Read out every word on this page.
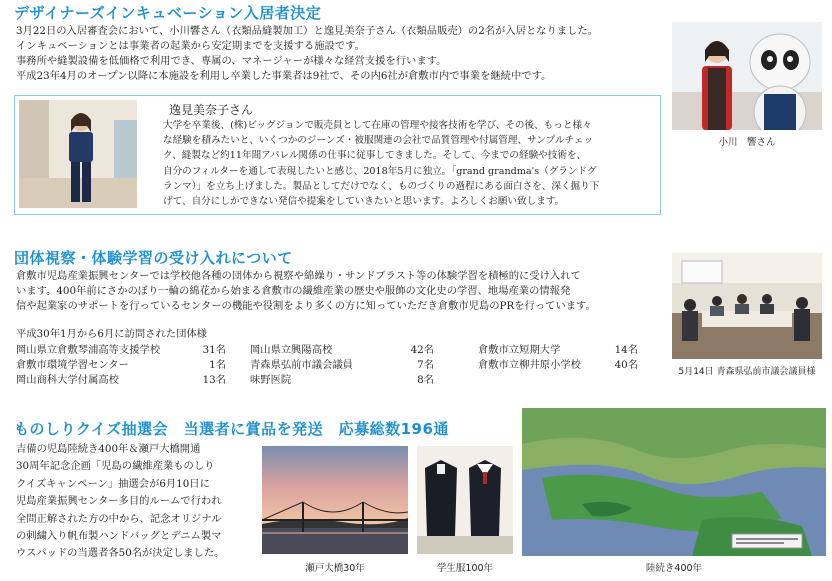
デザイナーズインキュベーション入居者決定

3月22日の入居審査会において、小川響さん（衣類品縫製加工）と逸見美奈子さん（衣類品販売）の2名が入居となりました。

インキュベーションとは事業者の起業から安定期までを支援する施設です。

事務所や縫製設備を低価格で利用でき、専属の、マネージャーが様々な経営支援を行います。

平成23年4月のオープン以降に本施設を利用し卒業した事業者は9社で、その内6社が倉敷市内で事業を継続中です。

小川　響さん
逸見美奈子さん

大学を卒業後、(株)ビッグジョンで販売員として在庫の管理や接客技術を学び、その後、もっと様々

な経験を積みたいと、いくつかのジーンズ・被服関連の会社で品質管理や付属管理、サンプルチェッ

ク、縫製など約11年間アパレル関係の仕事に従事してきました。そして、今までの経験や技術を、

自分のフィルターを通して表現したいと感じ、2018年5月に独立。「grand grandma's（グランドグ

ランマ）」を立ち上げました。製品としてだけでなく、ものづくりの過程にある面白さを、深く掘り下

げて、自分にしかできない発信や提案をしていきたいと思います。よろしくお願い致します。

団体視察・体験学習の受け入れについて

倉敷市児島産業振興センターでは学校他各種の団体から視察や綿繰り・サンドブラスト等の体験学習を積極的に受け入れて

います。400年前にさかのぼり一輪の綿花から始まる倉敷市の繊維産業の歴史や服飾の文化史の学習、地場産業の情報発

信や起業家のサポートを行っているセンターの機能や役割をより多くの方に知っていただき倉敷市児島のPRを行っています。

平成30年1月から6月に訪問された団体様

岡山県立倉敷琴浦高等支援学校	31名		岡山県立興陽高校	42名		倉敷市立短期大学	14名
倉敷市環境学習センター	1名		青森県弘前市議会議員	7名		倉敷市立柳井原小学校	40名
岡山商科大学付属高校	13名		味野医院	8名			
5月14日 青森県弘前市議会議員様
ものしりクイズ抽選会　当選者に賞品を発送　応募総数196通

吉備の児島陸続き400年＆瀬戸大橋開通

30周年記念企画「児島の繊維産業ものしり

クイズキャンペーン」抽選会が6月10日に

児島産業振興センター多目的ルームで行われ

全問正解された方の中から、記念オリジナル

の刺繍入り帆布製ハンドバッグとデニム製マ

ウスパッドの当選者各50名が決定しました。

瀬戸大橋30年	学生服100年	陸続き400年
